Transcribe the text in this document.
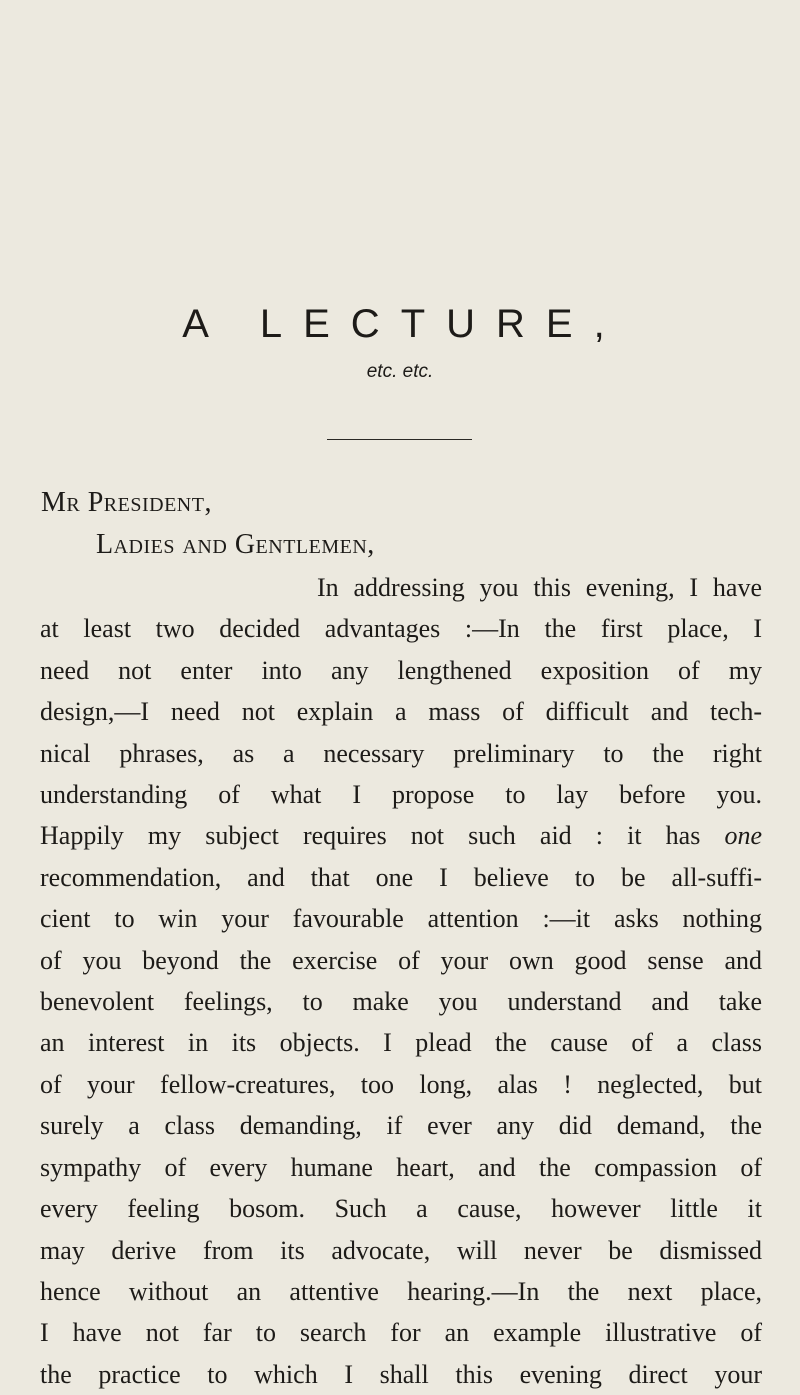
A LECTURE,
etc. etc.
Mr President,
Ladies and Gentlemen,
In addressing you this evening, I have
at least two decided advantages :—In the first place, I
need not enter into any lengthened exposition of my
design,—I need not explain a mass of difficult and tech-
nical phrases, as a necessary preliminary to the right
understanding of what I propose to lay before you.
Happily my subject requires not such aid : it has one
recommendation, and that one I believe to be all-suffi-
cient to win your favourable attention :—it asks nothing
of you beyond the exercise of your own good sense and
benevolent feelings, to make you understand and take
an interest in its objects. I plead the cause of a class
of your fellow-creatures, too long, alas ! neglected, but
surely a class demanding, if ever any did demand, the
sympathy of every humane heart, and the compassion of
every feeling bosom. Such a cause, however little it
may derive from its advocate, will never be dismissed
hence without an attentive hearing.—In the next place,
I have not far to search for an example illustrative of
the practice to which I shall this evening direct your
